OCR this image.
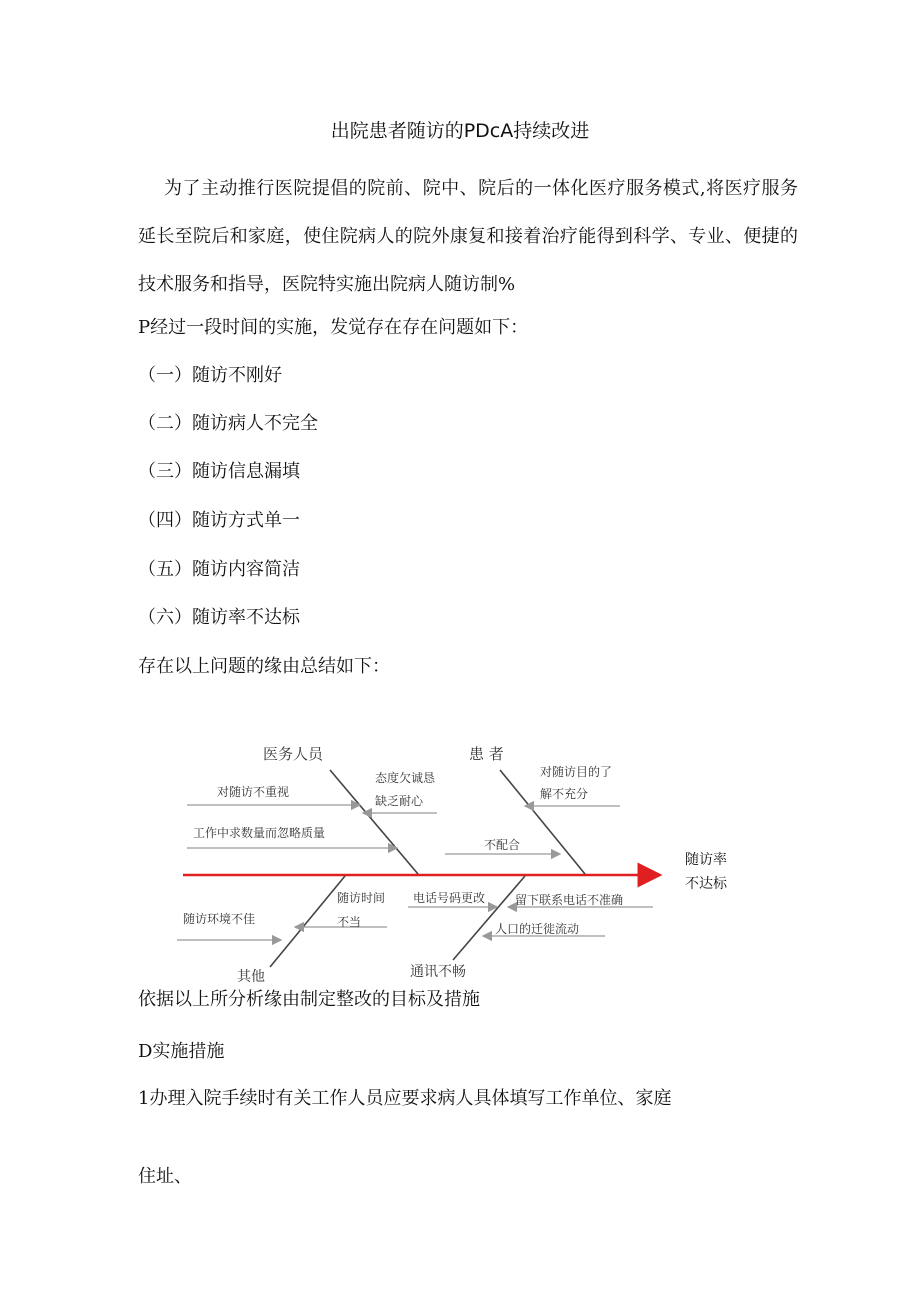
出院患者随访的PDcA持续改进
为了主动推行医院提倡的院前、院中、院后的一体化医疗服务模式,将医疗服务延长至院后和家庭，使住院病人的院外康复和接着治疗能得到科学、专业、便捷的技术服务和指导，医院特实施出院病人随访制%
P经过一段时间的实施，发觉存在存在问题如下：
（一）随访不刚好
（二）随访病人不完全
（三）随访信息漏填
（四）随访方式单一
（五）随访内容简洁
（六）随访率不达标
存在以上问题的缘由总结如下：
医务人员	患 者
其他	通讯不畅
对随访不重视
态度欠诚恳
缺乏耐心
工作中求数量而忽略质量
对随访目的了
解不充分
不配合
电话号码更改 留下联系电话不准确
人口的迁徙流动
随访环境不佳
随访时间
不当
随访率
不达标
依据以上所分析缘由制定整改的目标及措施
D实施措施
1办理入院手续时有关工作人员应要求病人具体填写工作单位、家庭
住址、
